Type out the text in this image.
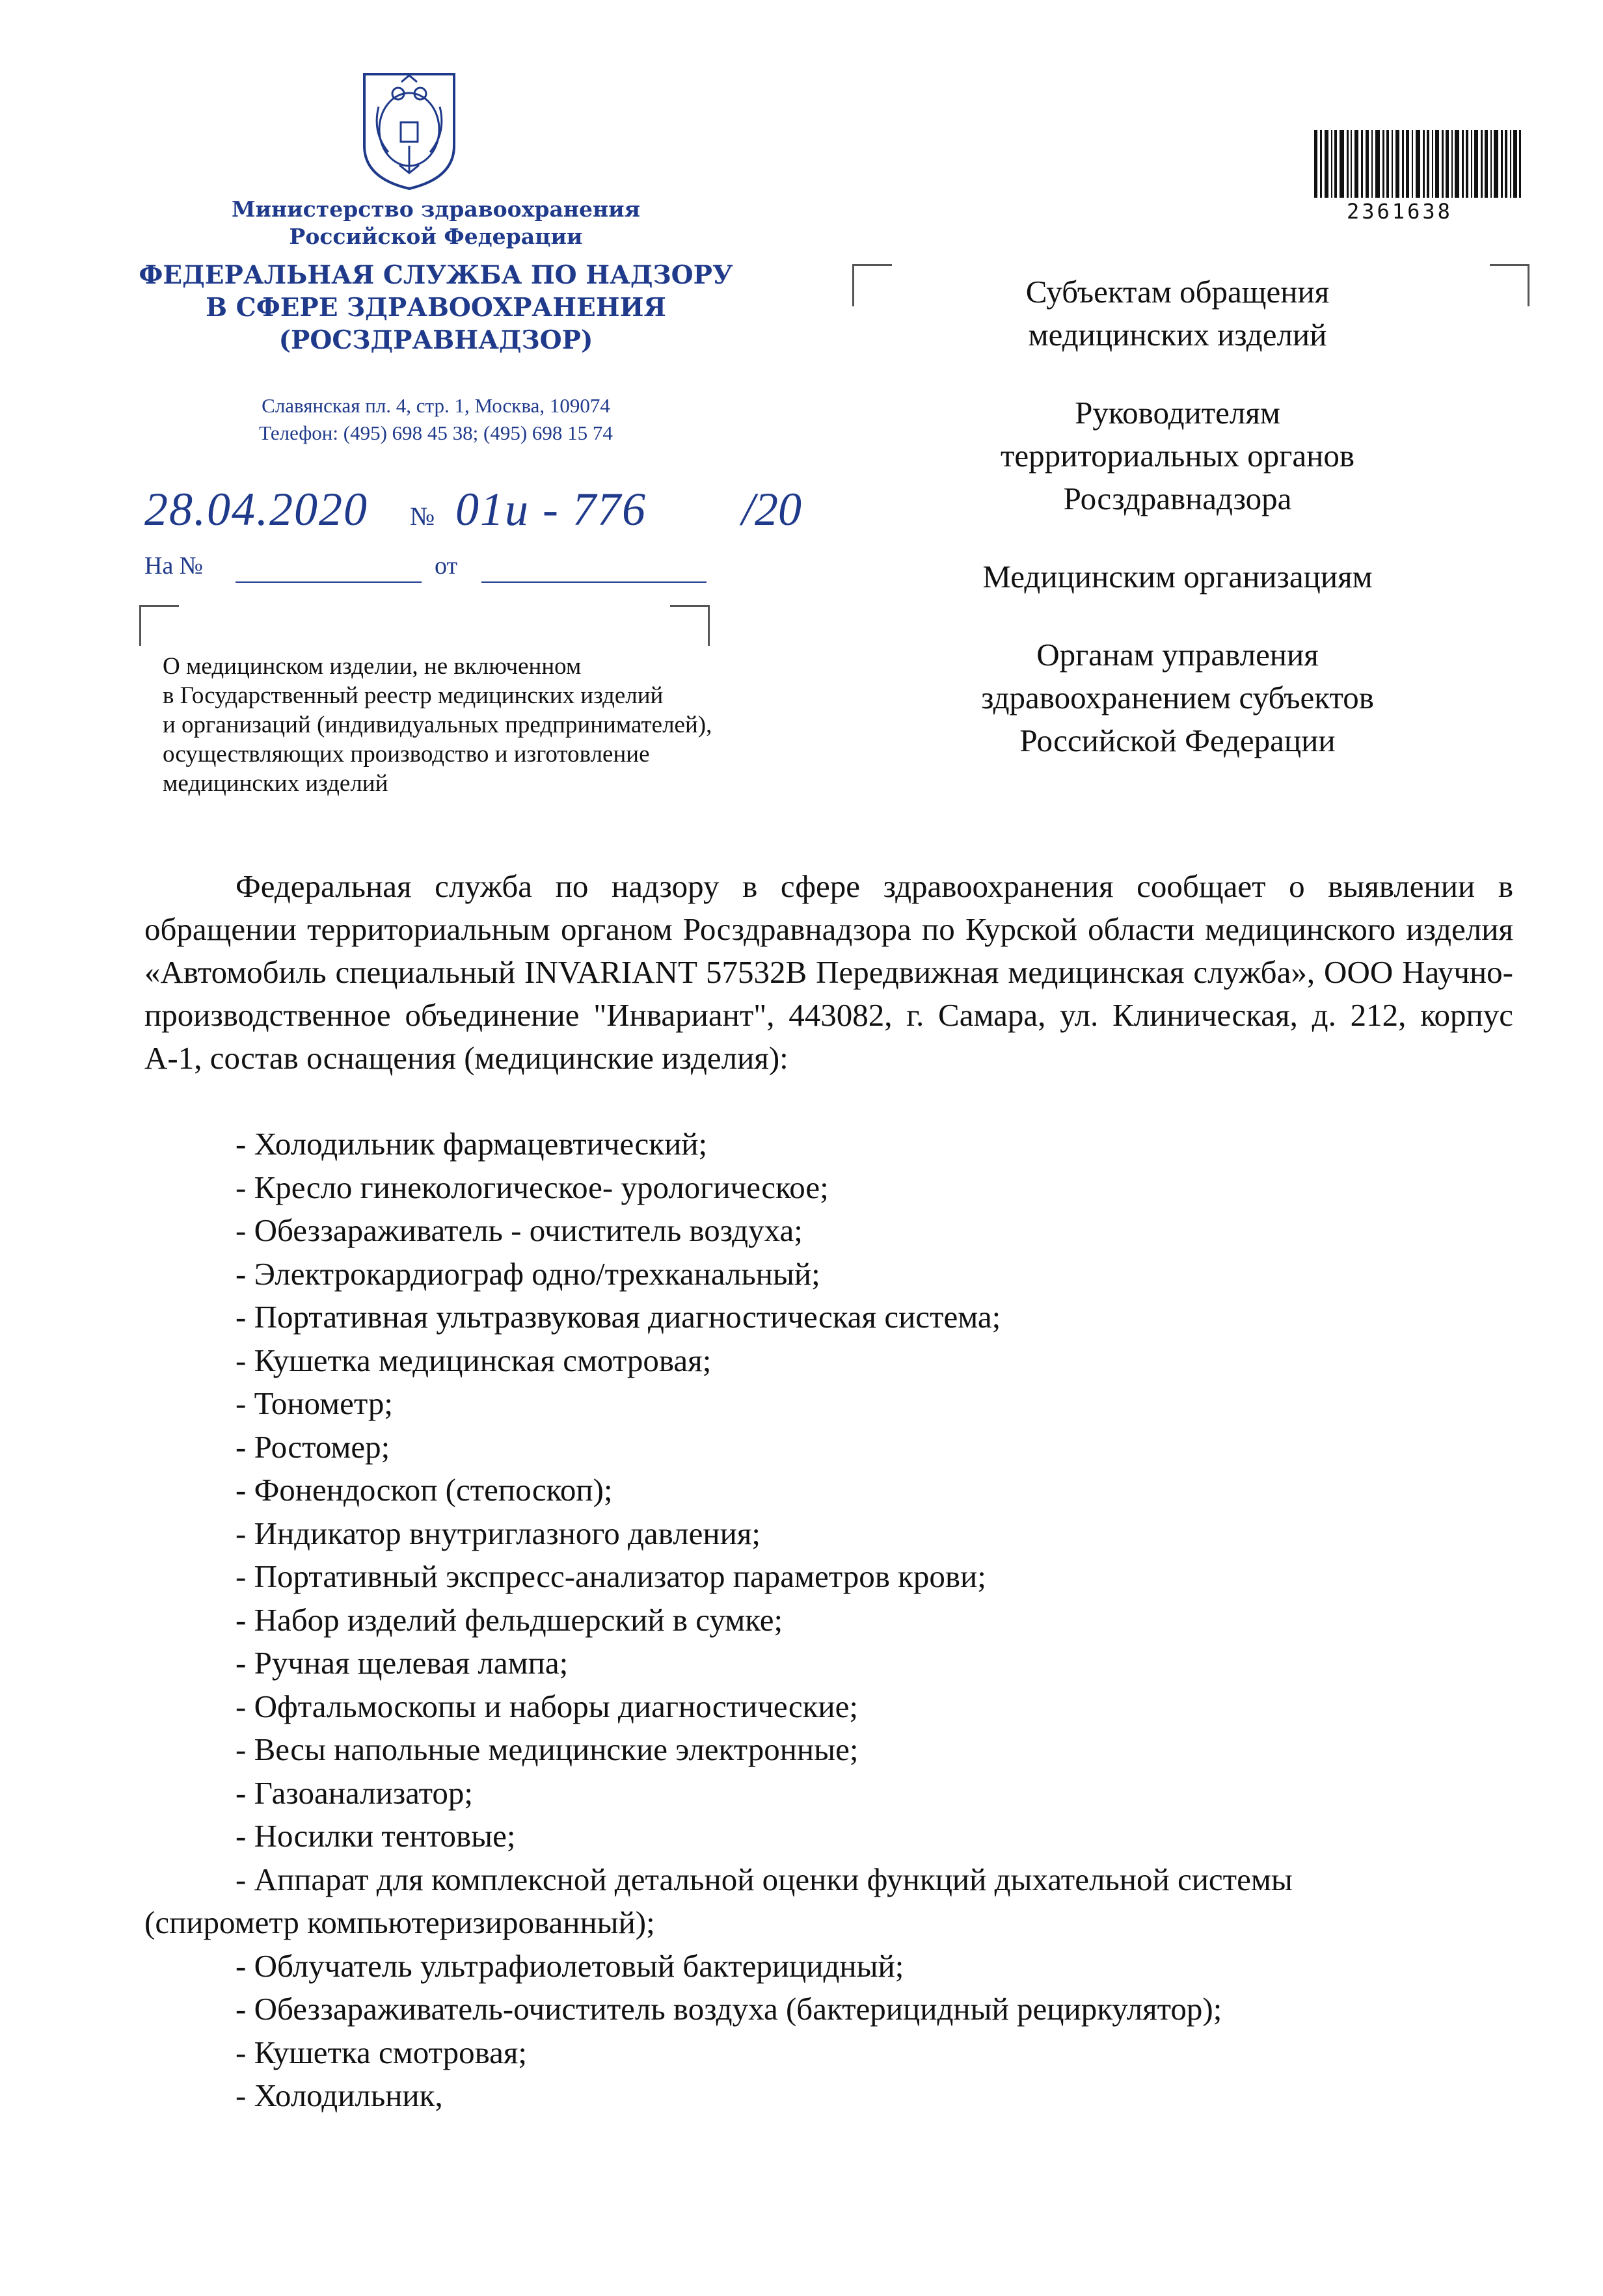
Министерство здравоохранения
Российской Федерации
ФЕДЕРАЛЬНАЯ СЛУЖБА ПО НАДЗОРУ
В СФЕРЕ ЗДРАВООХРАНЕНИЯ
(РОСЗДРАВНАДЗОР)
Славянская пл. 4, стр. 1, Москва, 109074
Телефон: (495) 698 45 38; (495) 698 15 74
28.04.2020 № 01и - 776 /20
На №	от
О медицинском изделии, не включенном
в Государственный реестр медицинских изделий
и организаций (индивидуальных предпринимателей),
осуществляющих производство и изготовление
медицинских изделий
2361638
Субъектам обращения
медицинских изделий
Руководителям
территориальных органов
Росздравнадзора
Медицинским организациям
Органам управления
здравоохранением субъектов
Российской Федерации

Федеральная служба по надзору в сфере здравоохранения сообщает о выявлении в обращении территориальным органом Росздравнадзора по Курской области медицинского изделия «Автомобиль специальный INVARIANT 57532В Передвижная медицинская служба», ООО Научно-производственное объединение "Инвариант", 443082, г. Самара, ул. Клиническая, д. 212, корпус А-1, состав оснащения (медицинские изделия):

- Холодильник фармацевтический;
- Кресло гинекологическое- урологическое;
- Обеззараживатель - очиститель воздуха;
- Электрокардиограф одно/трехканальный;
- Портативная ультразвуковая диагностическая система;
- Кушетка медицинская смотровая;
- Тонометр;
- Ростомер;
- Фонендоскоп (степоскоп);
- Индикатор внутриглазного давления;
- Портативный экспресс-анализатор параметров крови;
- Набор изделий фельдшерский в сумке;
- Ручная щелевая лампа;
- Офтальмоскопы и наборы диагностические;
- Весы напольные медицинские электронные;
- Газоанализатор;
- Носилки тентовые;
- Аппарат для комплексной детальной оценки функций дыхательной системы
(спирометр компьютеризированный);
- Облучатель ультрафиолетовый бактерицидный;
- Обеззараживатель-очиститель воздуха (бактерицидный рециркулятор);
- Кушетка смотровая;
- Холодильник,
